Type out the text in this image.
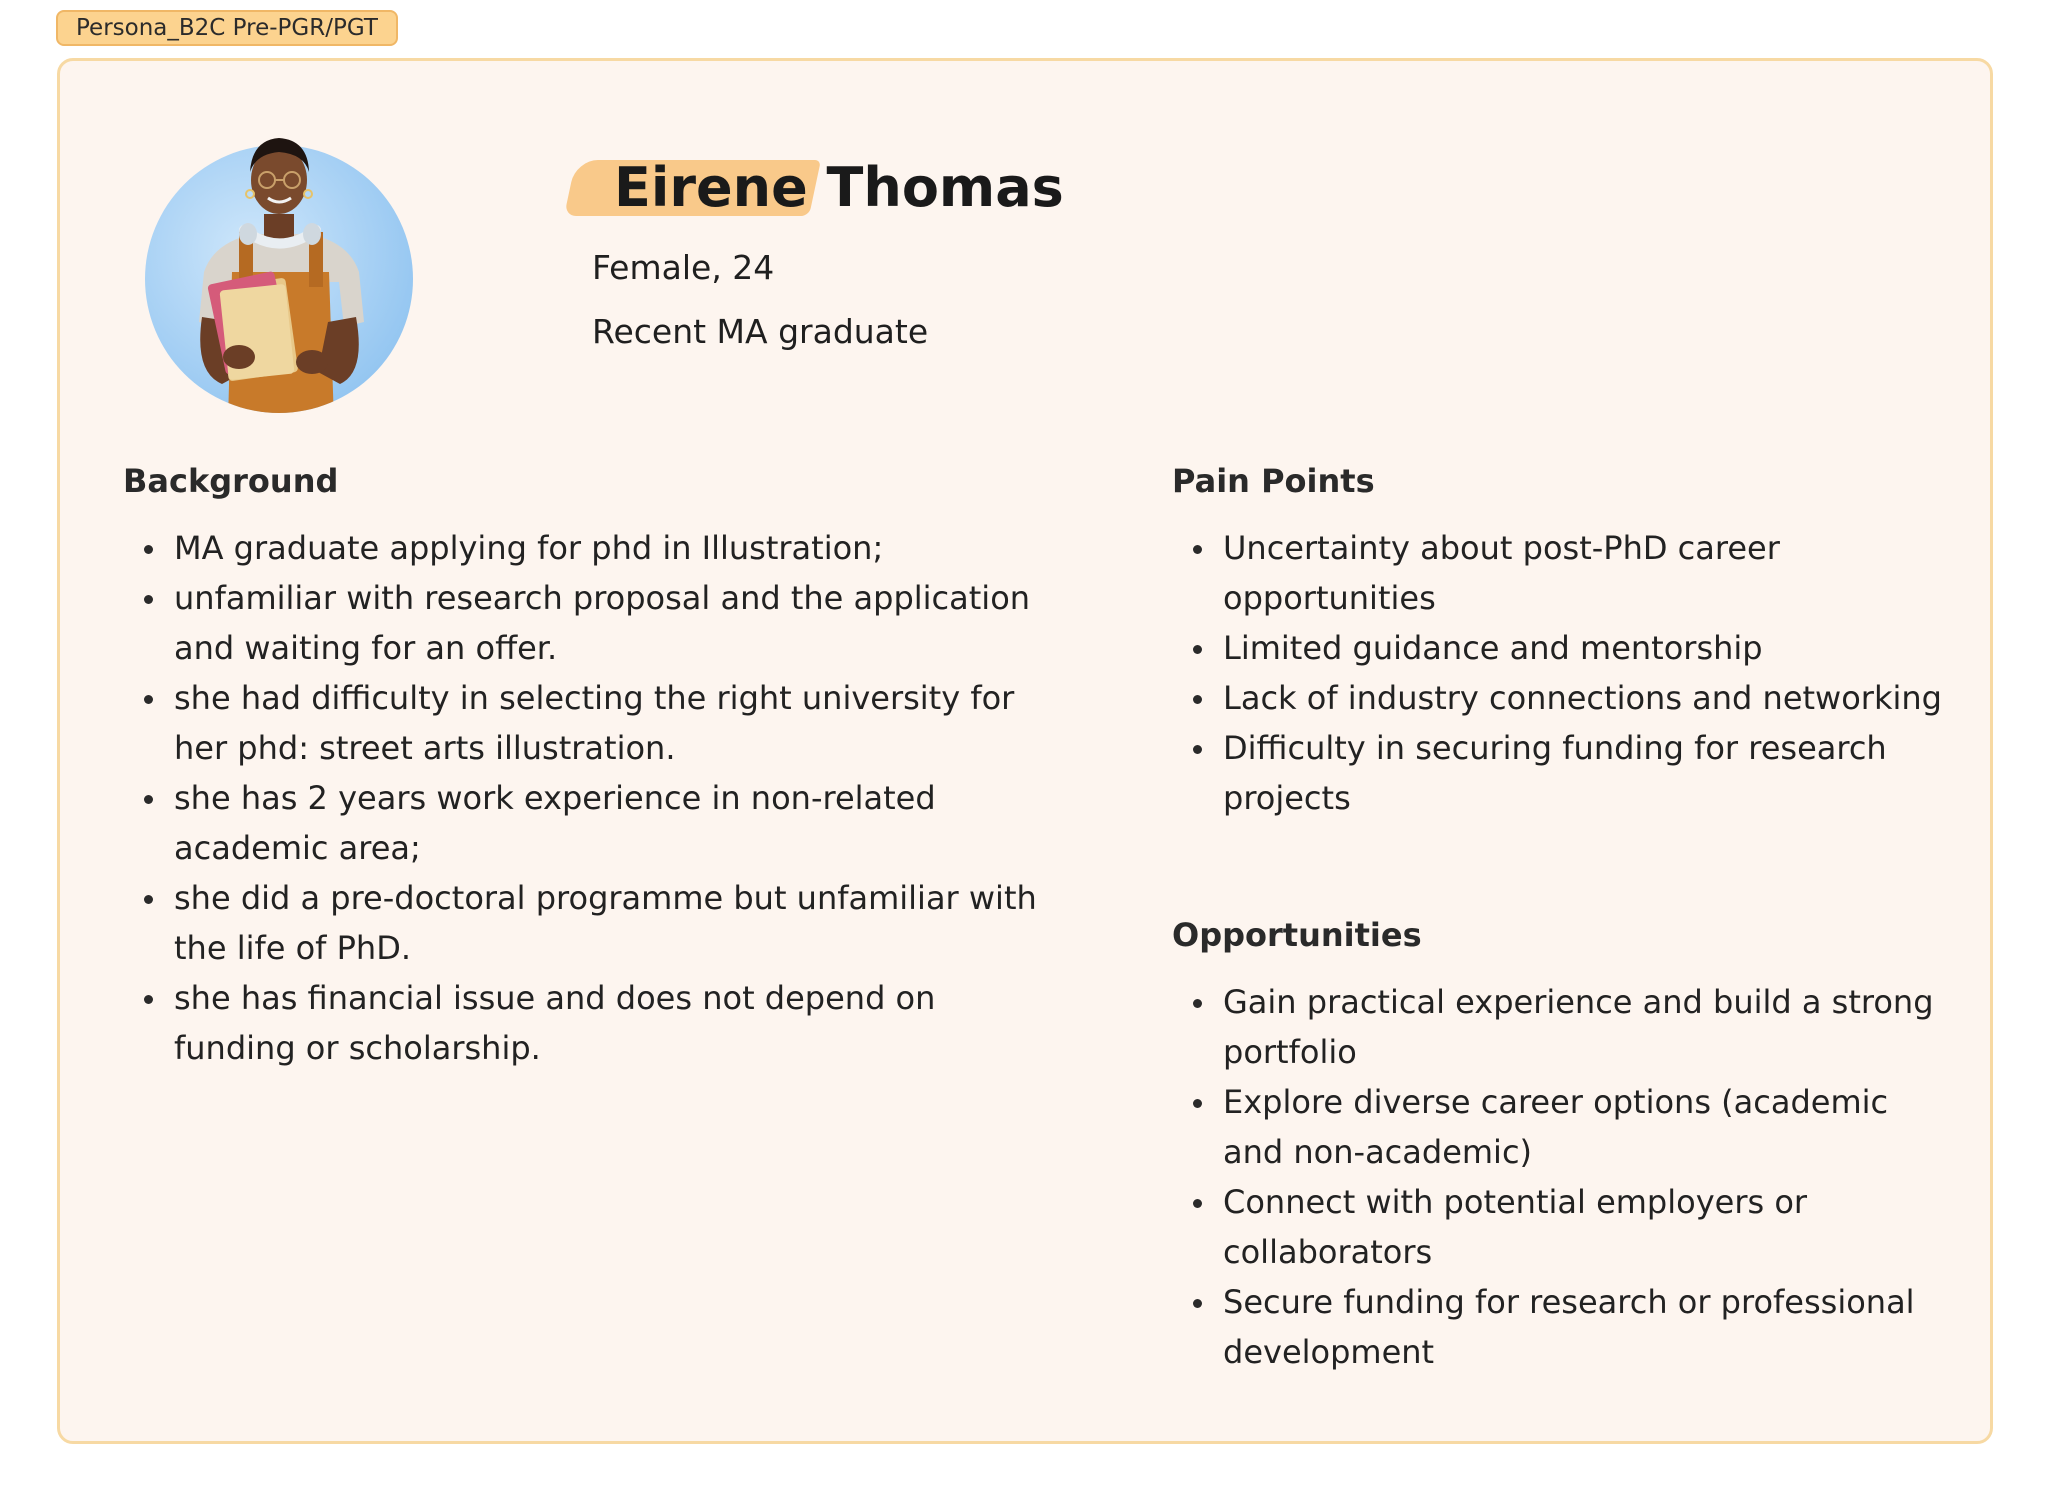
Persona_B2C Pre-PGR/PGT
Eirene Thomas
Female, 24
Recent MA graduate
Background
MA graduate applying for phd in Illustration;
unfamiliar with research proposal and the application and waiting for an offer.
she had difficulty in selecting the right university for her phd: street arts illustration.
she has 2 years work experience in non-related academic area;
she did a pre-doctoral programme but unfamiliar with the life of PhD.
she has financial issue and does not depend on funding or scholarship.
Pain Points
Uncertainty about post-PhD career opportunities
Limited guidance and mentorship
Lack of industry connections and networking
Difficulty in securing funding for research projects
Opportunities
Gain practical experience and build a strong portfolio
Explore diverse career options (academic and non-academic)
Connect with potential employers or collaborators
Secure funding for research or professional development
